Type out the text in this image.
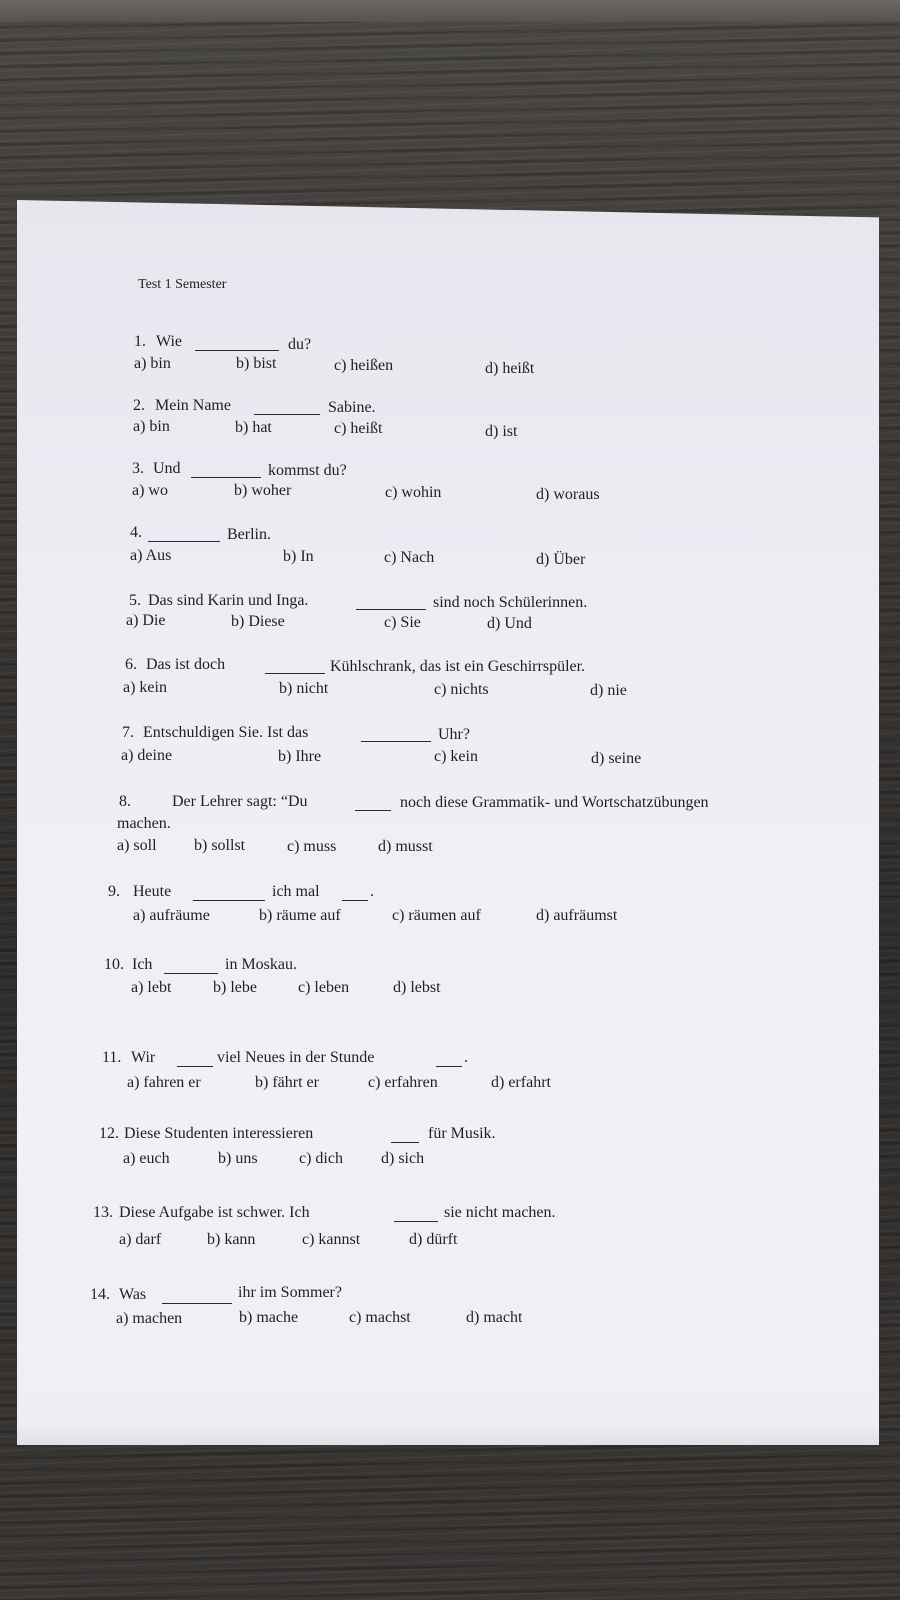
Test 1 Semester
1. Wie	du?
a) bin	b) bist	c) heißen	d) heißt
2. Mein Name	Sabine.
a) bin	b) hat	c) heißt	d) ist
3. Und	kommst du?
a) wo	b) woher	c) wohin	d) woraus
4.	Berlin.
a) Aus	b) In	c) Nach	d) Über
5. Das sind Karin und Inga.	sind noch Schülerinnen.
a) Die	b) Diese	c) Sie	d) Und
6. Das ist doch	Kühlschrank, das ist ein Geschirrspüler.
a) kein	b) nicht	c) nichts	d) nie
7. Entschuldigen Sie. Ist das	Uhr?
a) deine	b) Ihre	c) kein	d) seine
8.	Der Lehrer sagt: “Du	noch diese Grammatik- und Wortschatzübungen
machen.
a) soll b) sollst	c) muss	d) musst
9. Heute	ich mal	.
a) aufräume	b) räume auf	c) räumen auf	d) aufräumst
10. Ich	in Moskau.
a) lebt	b) lebe	c) leben	d) lebst
11. Wir	viel Neues in der Stunde	.
a) fahren er	b) fährt er	c) erfahren	d) erfahrt
12. Diese Studenten interessieren	für Musik.
a) euch	b) uns	c) dich d) sich
13. Diese Aufgabe ist schwer. Ich	sie nicht machen.
a) darf	b) kann	c) kannst	d) dürft
14. Was	ihr im Sommer?
a) machen	b) mache	c) machst	d) macht
